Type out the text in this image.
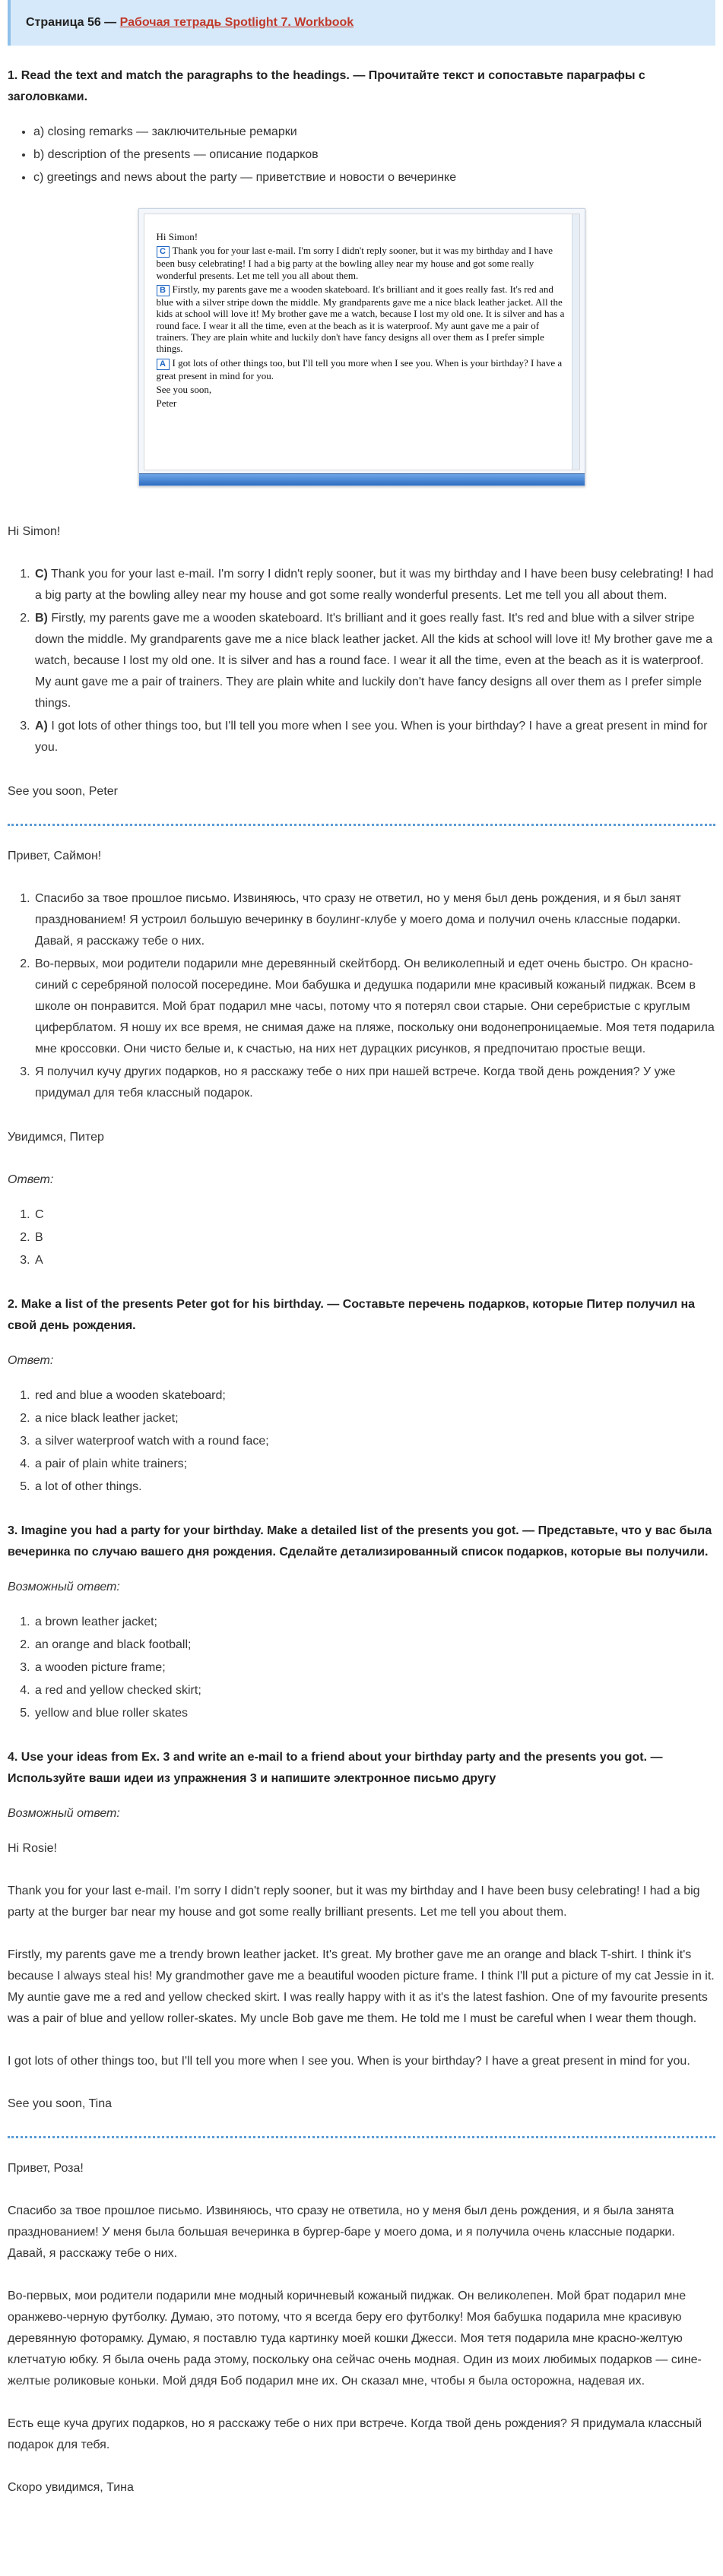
Страница 56 — Рабочая тетрадь Spotlight 7. Workbook
1. Read the text and match the paragraphs to the headings. — Прочитайте текст и сопоставьте параграфы с заголовками.
• a) closing remarks — заключительные ремарки
• b) description of the presents — описание подарков
• c) greetings and news about the party — приветствие и новости о вечеринке

Hi Simon!

C Thank you for your last e-mail. I'm sorry I didn't reply sooner, but it was my birthday and I have been busy celebrating! I had a big party at the bowling alley near my house and got some really wonderful presents. Let me tell you all about them.

B Firstly, my parents gave me a wooden skateboard. It's brilliant and it goes really fast. It's red and blue with a silver stripe down the middle. My grandparents gave me a nice black leather jacket. All the kids at school will love it! My brother gave me a watch, because I lost my old one. It is silver and has a round face. I wear it all the time, even at the beach as it is waterproof. My aunt gave me a pair of trainers. They are plain white and luckily don't have fancy designs all over them as I prefer simple things.

A I got lots of other things too, but I'll tell you more when I see you. When is your birthday? I have a great present in mind for you.

See you soon,

Peter

Hi Simon!

1. C) Thank you for your last e-mail. I'm sorry I didn't reply sooner, but it was my birthday and I have been busy celebrating! I had a big party at the bowling alley near my house and got some really wonderful presents. Let me tell you all about them.
2. B) Firstly, my parents gave me a wooden skateboard. It's brilliant and it goes really fast. It's red and blue with a silver stripe down the middle. My grandparents gave me a nice black leather jacket. All the kids at school will love it! My brother gave me a watch, because I lost my old one. It is silver and has a round face. I wear it all the time, even at the beach as it is waterproof. My aunt gave me a pair of trainers. They are plain white and luckily don't have fancy designs all over them as I prefer simple things.
3. A) I got lots of other things too, but I'll tell you more when I see you. When is your birthday? I have a great present in mind for you.

See you soon, Peter

Привет, Саймон!

1. Спасибо за твое прошлое письмо. Извиняюсь, что сразу не ответил, но у меня был день рождения, и я был занят празднованием! Я устроил большую вечеринку в боулинг-клубе у моего дома и получил очень классные подарки. Давай, я расскажу тебе о них.
2. Во-первых, мои родители подарили мне деревянный скейтборд. Он великолепный и едет очень быстро. Он красно-синий с серебряной полосой посередине. Мои бабушка и дедушка подарили мне красивый кожаный пиджак. Всем в школе он понравится. Мой брат подарил мне часы, потому что я потерял свои старые. Они серебристые с круглым циферблатом. Я ношу их все время, не снимая даже на пляже, поскольку они водонепроницаемые. Моя тетя подарила мне кроссовки. Они чисто белые и, к счастью, на них нет дурацких рисунков, я предпочитаю простые вещи.
3. Я получил кучу других подарков, но я расскажу тебе о них при нашей встрече. Когда твой день рождения? У уже придумал для тебя классный подарок.

Увидимся, Питер

Ответ:

1. C
2. B
3. A
2. Make a list of the presents Peter got for his birthday. — Составьте перечень подарков, которые Питер получил на свой день рождения.

Ответ:

1. red and blue a wooden skateboard;
2. a nice black leather jacket;
3. a silver waterproof watch with a round face;
4. a pair of plain white trainers;
5. a lot of other things.
3. Imagine you had a party for your birthday. Make a detailed list of the presents you got. — Представьте, что у вас была вечеринка по случаю вашего дня рождения. Сделайте детализированный список подарков, которые вы получили.

Возможный ответ:

1. a brown leather jacket;
2. an orange and black football;
3. a wooden picture frame;
4. a red and yellow checked skirt;
5. yellow and blue roller skates
4. Use your ideas from Ex. 3 and write an e-mail to a friend about your birthday party and the presents you got. — Используйте ваши идеи из упражнения 3 и напишите электронное письмо другу

Возможный ответ:

Hi Rosie!

Thank you for your last e-mail. I'm sorry I didn't reply sooner, but it was my birthday and I have been busy celebrating! I had a big party at the burger bar near my house and got some really brilliant presents. Let me tell you about them.

Firstly, my parents gave me a trendy brown leather jacket. It's great. My brother gave me an orange and black T-shirt. I think it's because I always steal his! My grandmother gave me a beautiful wooden picture frame. I think I'll put a picture of my cat Jessie in it. My auntie gave me a red and yellow checked skirt. I was really happy with it as it's the latest fashion. One of my favourite presents was a pair of blue and yellow roller-skates. My uncle Bob gave me them. He told me I must be careful when I wear them though.

I got lots of other things too, but I'll tell you more when I see you. When is your birthday? I have a great present in mind for you.

See you soon, Tina

Привет, Роза!

Спасибо за твое прошлое письмо. Извиняюсь, что сразу не ответила, но у меня был день рождения, и я была занята празднованием! У меня была большая вечеринка в бургер-баре у моего дома, и я получила очень классные подарки. Давай, я расскажу тебе о них.

Во-первых, мои родители подарили мне модный коричневый кожаный пиджак. Он великолепен. Мой брат подарил мне оранжево-черную футболку. Думаю, это потому, что я всегда беру его футболку! Моя бабушка подарила мне красивую деревянную фоторамку. Думаю, я поставлю туда картинку моей кошки Джесси. Моя тетя подарила мне красно-желтую клетчатую юбку. Я была очень рада этому, поскольку она сейчас очень модная. Один из моих любимых подарков — сине-желтые роликовые коньки. Мой дядя Боб подарил мне их. Он сказал мне, чтобы я была осторожна, надевая их.

Есть еще куча других подарков, но я расскажу тебе о них при встрече. Когда твой день рождения? Я придумала классный подарок для тебя.

Скоро увидимся, Тина
